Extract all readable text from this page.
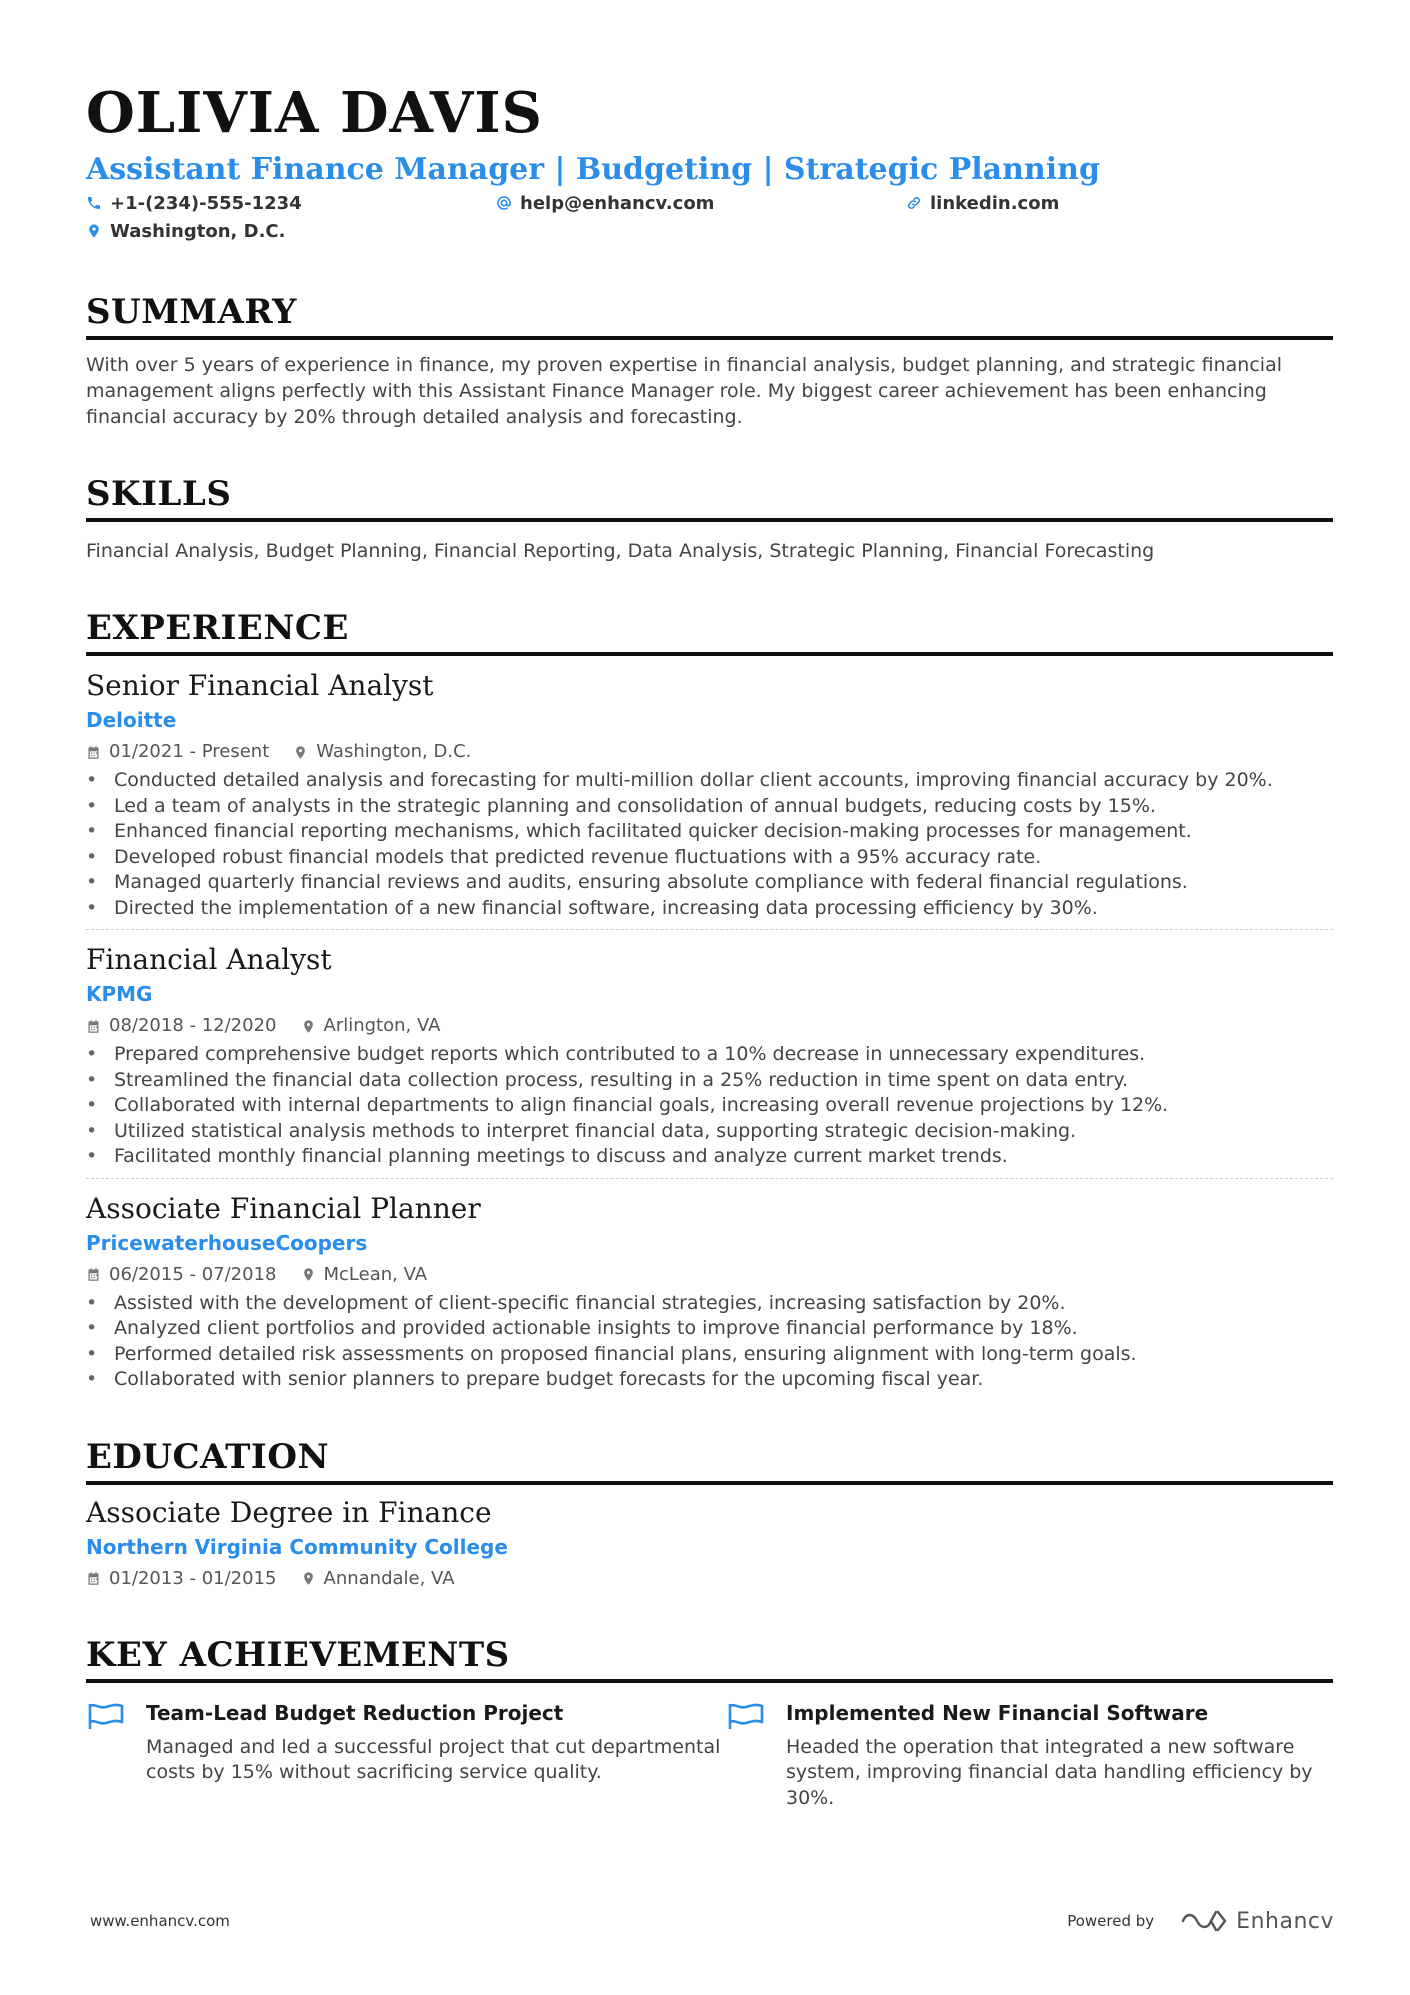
OLIVIA DAVIS
Assistant Finance Manager | Budgeting | Strategic Planning
+1-(234)-555-1234	help@enhancv.com	linkedin.com
Washington, D.C.
SUMMARY

With over 5 years of experience in finance, my proven expertise in financial analysis, budget planning, and strategic financial management aligns perfectly with this Assistant Finance Manager role. My biggest career achievement has been enhancing financial accuracy by 20% through detailed analysis and forecasting.

SKILLS

Financial Analysis, Budget Planning, Financial Reporting, Data Analysis, Strategic Planning, Financial Forecasting

EXPERIENCE
Senior Financial Analyst
Deloitte
01/2021 - Present	Washington, D.C.
• Conducted detailed analysis and forecasting for multi-million dollar client accounts, improving financial accuracy by 20%.
• Led a team of analysts in the strategic planning and consolidation of annual budgets, reducing costs by 15%.
• Enhanced financial reporting mechanisms, which facilitated quicker decision-making processes for management.
• Developed robust financial models that predicted revenue fluctuations with a 95% accuracy rate.
• Managed quarterly financial reviews and audits, ensuring absolute compliance with federal financial regulations.
• Directed the implementation of a new financial software, increasing data processing efficiency by 30%.
Financial Analyst
KPMG
08/2018 - 12/2020	Arlington, VA
• Prepared comprehensive budget reports which contributed to a 10% decrease in unnecessary expenditures.
• Streamlined the financial data collection process, resulting in a 25% reduction in time spent on data entry.
• Collaborated with internal departments to align financial goals, increasing overall revenue projections by 12%.
• Utilized statistical analysis methods to interpret financial data, supporting strategic decision-making.
• Facilitated monthly financial planning meetings to discuss and analyze current market trends.
Associate Financial Planner
PricewaterhouseCoopers
06/2015 - 07/2018	McLean, VA
• Assisted with the development of client-specific financial strategies, increasing satisfaction by 20%.
• Analyzed client portfolios and provided actionable insights to improve financial performance by 18%.
• Performed detailed risk assessments on proposed financial plans, ensuring alignment with long-term goals.
• Collaborated with senior planners to prepare budget forecasts for the upcoming fiscal year.
EDUCATION
Associate Degree in Finance
Northern Virginia Community College
01/2013 - 01/2015	Annandale, VA
KEY ACHIEVEMENTS
Team-Lead Budget Reduction Project
Managed and led a successful project that cut departmental costs by 15% without sacrificing service quality.
Implemented New Financial Software
Headed the operation that integrated a new software system, improving financial data handling efficiency by 30%.
www.enhancv.com	Powered by	Enhancv
